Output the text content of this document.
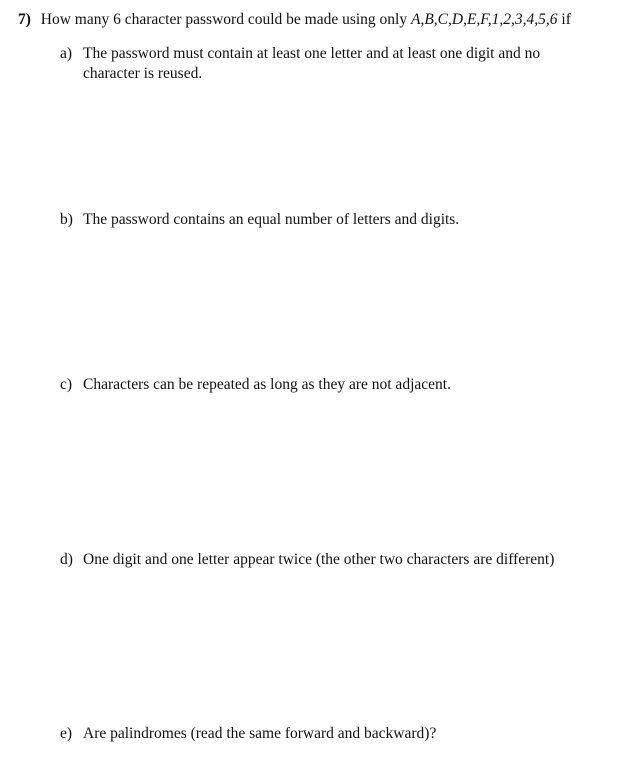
7) How many 6 character password could be made using only A,B,C,D,E,F,1,2,3,4,5,6 if
a) The password must contain at least one letter and at least one digit and no character is reused.
b) The password contains an equal number of letters and digits.
c) Characters can be repeated as long as they are not adjacent.
d) One digit and one letter appear twice (the other two characters are different)
e) Are palindromes (read the same forward and backward)?
